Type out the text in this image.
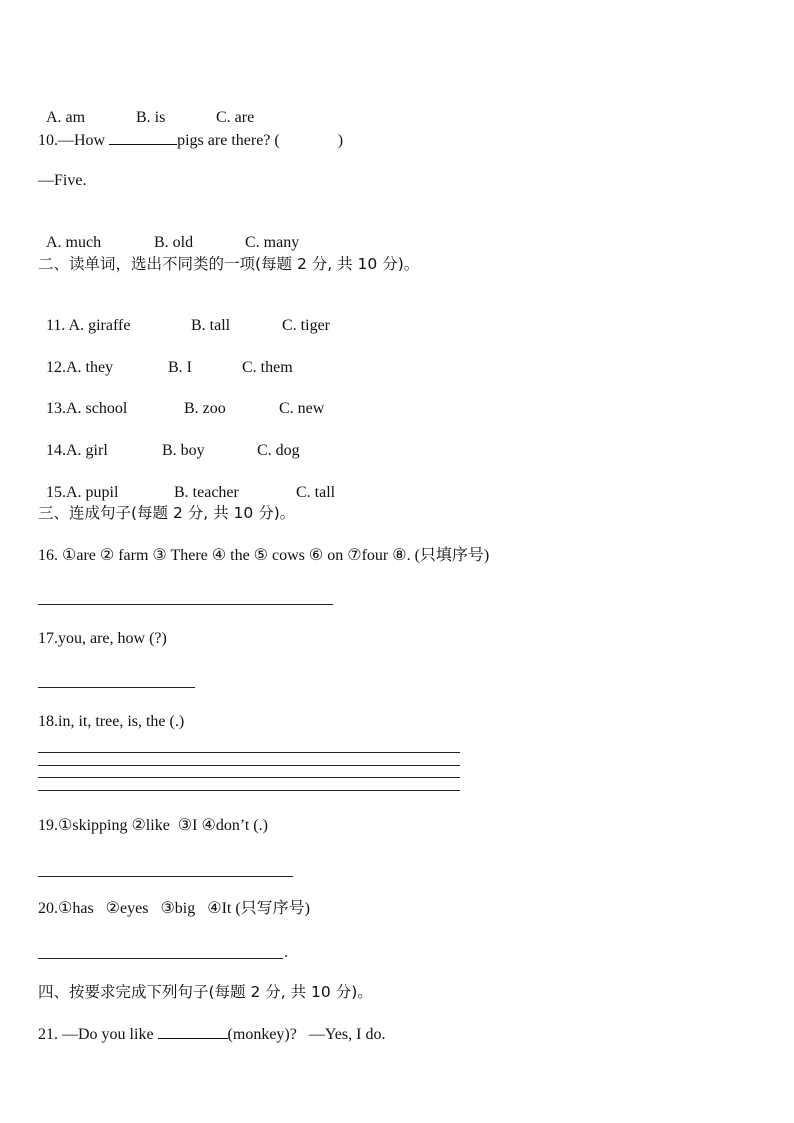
A. am	B. is	C. are

10.—How	pigs are there? (	)
—Five.

A. much	B. old	C. many

二、读单词，选出不同类的一项(每题 2 分, 共 10 分)。

11. A. giraffe	B. tall	C. tiger

12.A. they	B. I	C. them

13.A. school	B. zoo	C. new

14.A. girl	B. boy	C. dog

15.A. pupil	B. teacher	C. tall

三、连成句子(每题 2 分, 共 10 分)。
16. ①are ② farm ③ There ④ the ⑤ cows ⑥ on ⑦four ⑧. (只填序号)
17.you, are, how (?)
18.in, it, tree, is, the (.)
19.①skipping ②like  ③I ④don’t (.)
20.①has   ②eyes   ③big   ④It (只写序号)
.
四、按要求完成下列句子(每题 2 分, 共 10 分)。
21. —Do you like	(monkey)?   —Yes, I do.
